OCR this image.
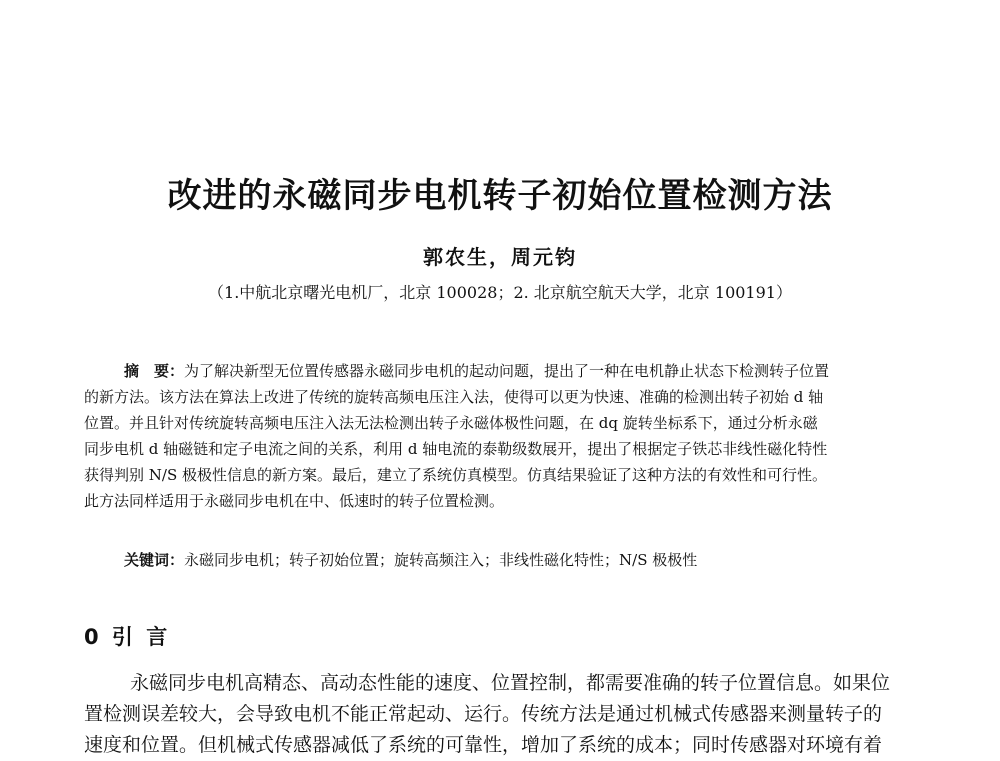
改进的永磁同步电机转子初始位置检测方法
郭农生，周元钧
（1.中航北京曙光电机厂，北京 100028；2. 北京航空航天大学，北京 100191）
摘　要：为了解决新型无位置传感器永磁同步电机的起动问题，提出了一种在电机静止状态下检测转子位置
的新方法。该方法在算法上改进了传统的旋转高频电压注入法，使得可以更为快速、准确的检测出转子初始 d 轴
位置。并且针对传统旋转高频电压注入法无法检测出转子永磁体极性问题，在 dq 旋转坐标系下，通过分析永磁
同步电机 d 轴磁链和定子电流之间的关系，利用 d 轴电流的泰勒级数展开，提出了根据定子铁芯非线性磁化特性
获得判别 N/S 极极性信息的新方案。最后，建立了系统仿真模型。仿真结果验证了这种方法的有效性和可行性。
此方法同样适用于永磁同步电机在中、低速时的转子位置检测。
关键词：永磁同步电机；转子初始位置；旋转高频注入；非线性磁化特性；N/S 极极性
0 引 言
永磁同步电机高精态、高动态性能的速度、位置控制，都需要准确的转子位置信息。如果位
置检测误差较大，会导致电机不能正常起动、运行。传统方法是通过机械式传感器来测量转子的
速度和位置。但机械式传感器减低了系统的可靠性，增加了系统的成本；同时传感器对环境有着
